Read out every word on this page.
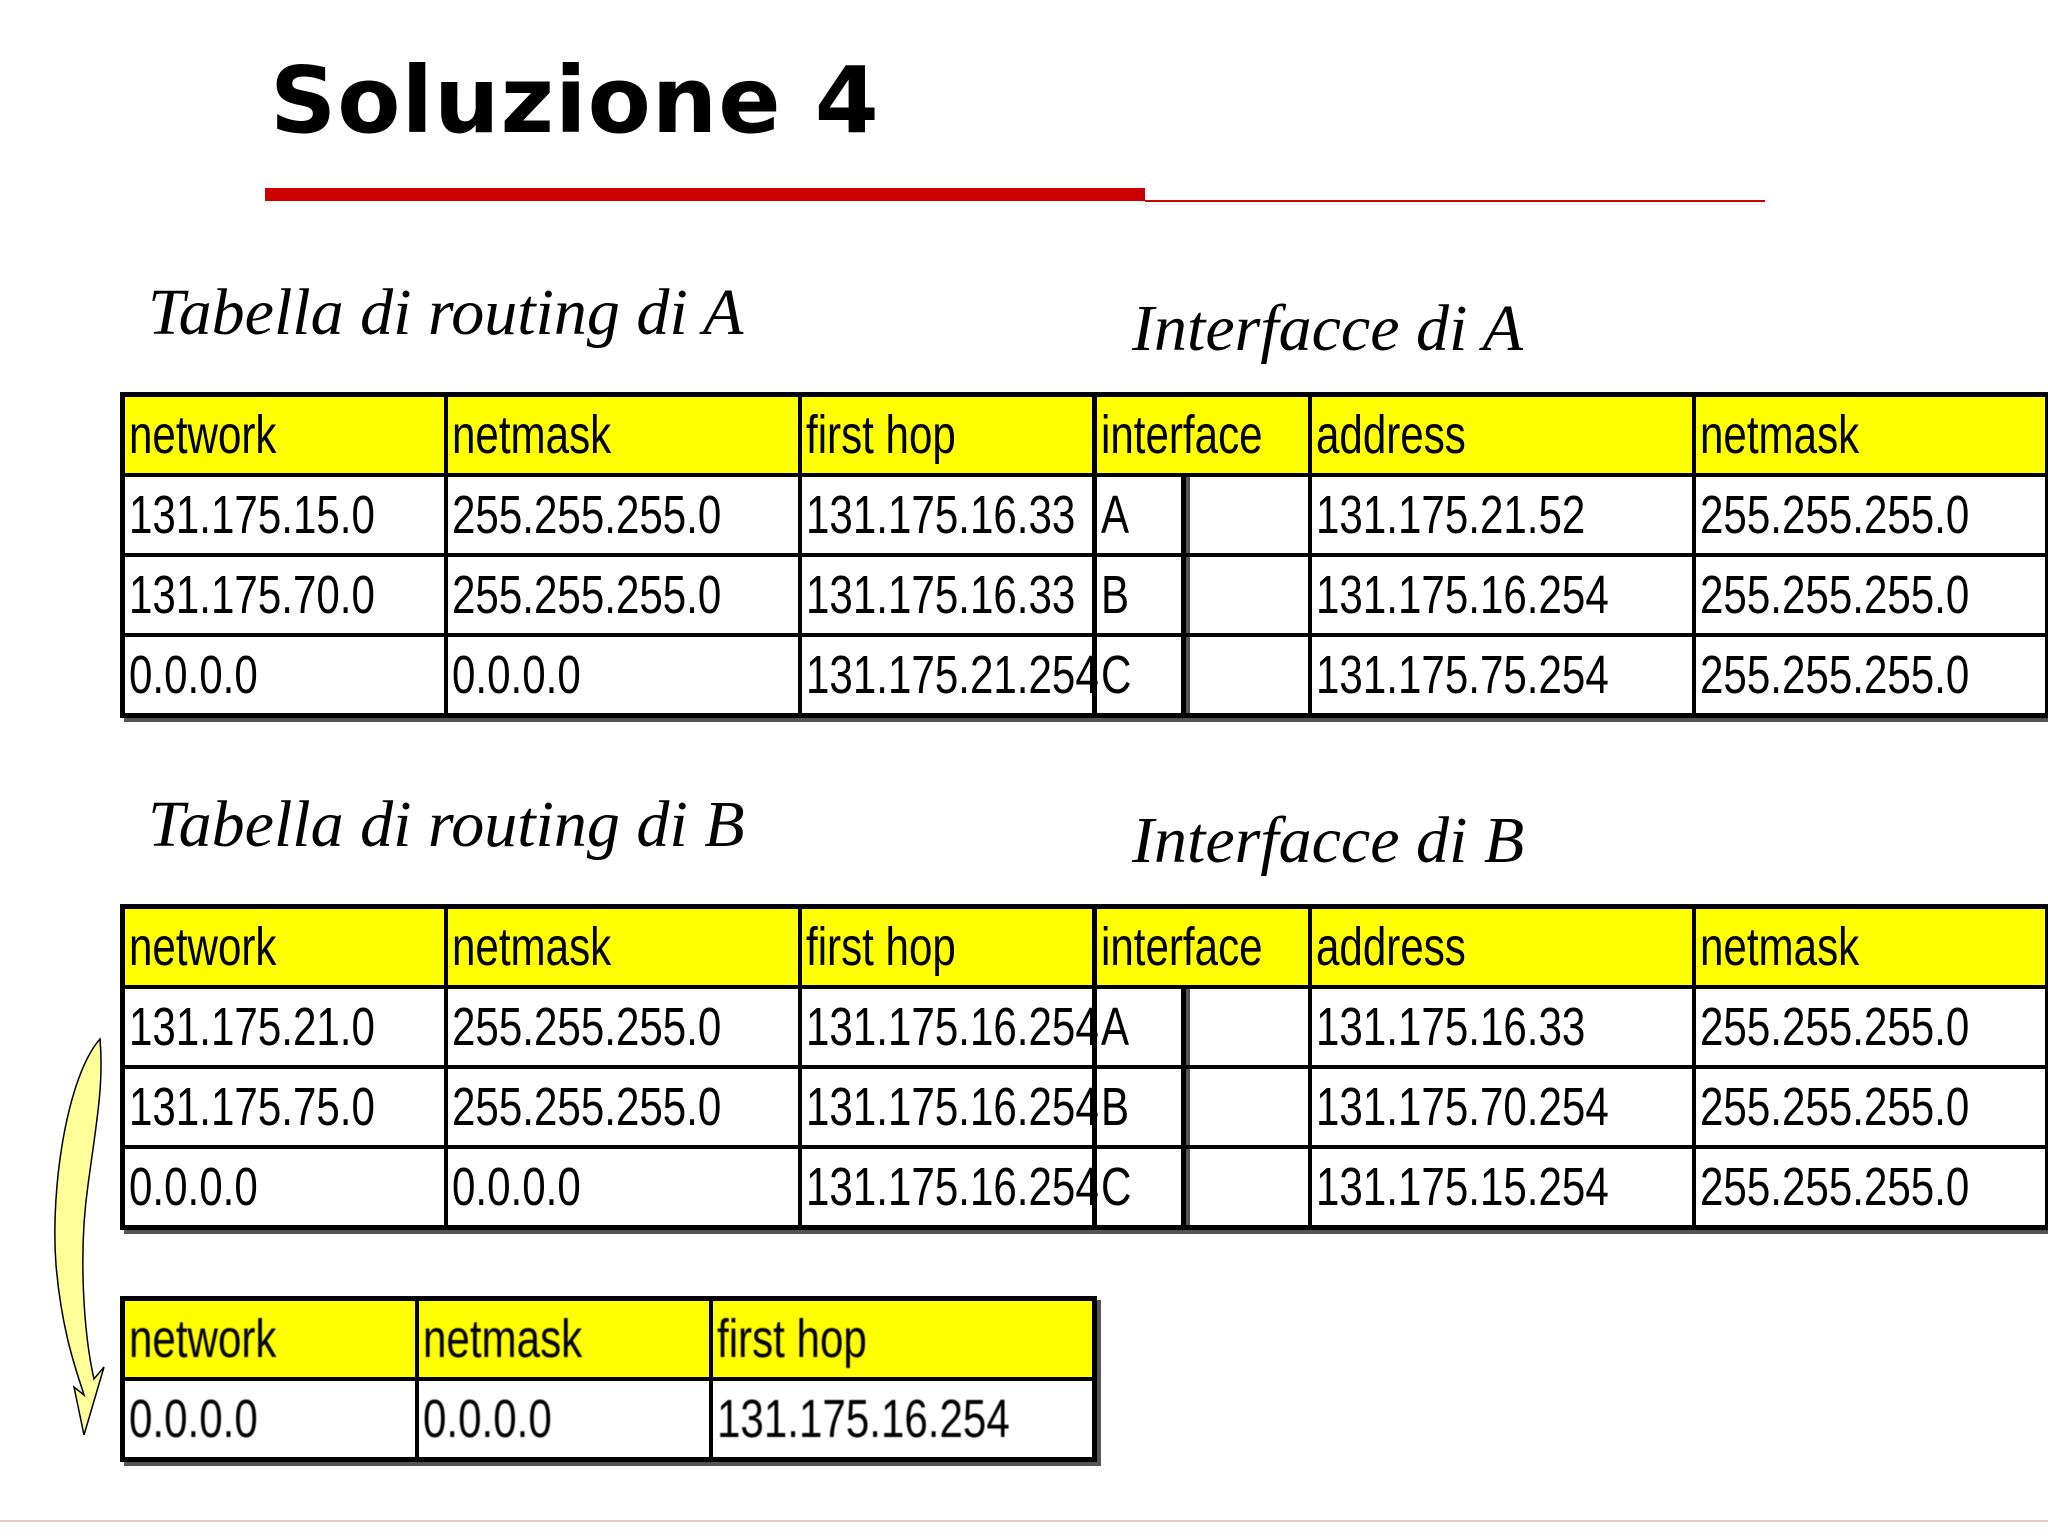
Soluzione 4
Tabella di routing di A
network	netmask	first hop
131.175.15.0	255.255.255.0	131.175.16.33
131.175.70.0	255.255.255.0	131.175.16.33
0.0.0.0	0.0.0.0	131.175.21.254
Interfacce di A
interface	address	netmask
A	131.175.21.52	255.255.255.0
B	131.175.16.254	255.255.255.0
C	131.175.75.254	255.255.255.0
Tabella di routing di B
network	netmask	first hop
131.175.21.0	255.255.255.0	131.175.16.254
131.175.75.0	255.255.255.0	131.175.16.254
0.0.0.0	0.0.0.0	131.175.16.254
Interfacce di B
interface	address	netmask
A	131.175.16.33	255.255.255.0
B	131.175.70.254	255.255.255.0
C	131.175.15.254	255.255.255.0
network	netmask	first hop
0.0.0.0	0.0.0.0	131.175.16.254
